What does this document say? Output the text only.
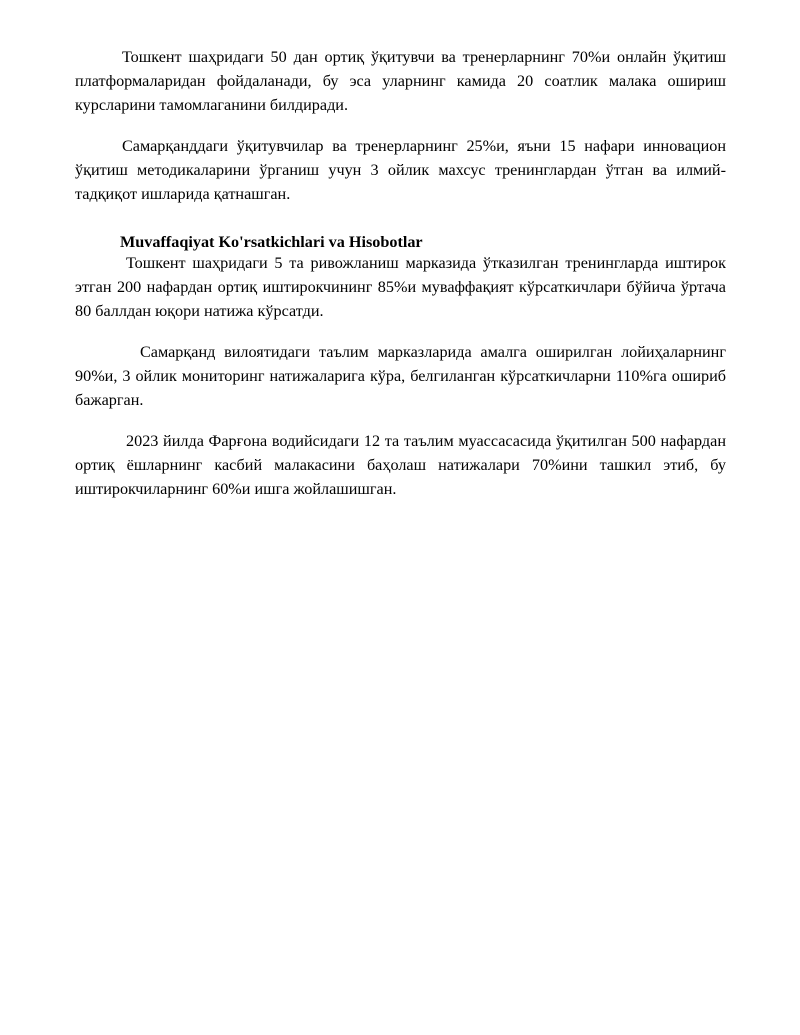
Тошкент шаҳридаги 50 дан ортиқ ўқитувчи ва тренерларнинг 70%и онлайн ўқитиш платформаларидан фойдаланади, бу эса уларнинг камида 20 соатлик малака ошириш курсларини тамомлаганини билдиради.

Самарқанддаги ўқитувчилар ва тренерларнинг 25%и, яъни 15 нафари инновацион ўқитиш методикаларини ўрганиш учун 3 ойлик махсус тренинглардан ўтган ва илмий-тадқиқот ишларида қатнашган.

Muvaffaqiyat Ko'rsatkichlari va Hisobotlar

Тошкент шаҳридаги 5 та ривожланиш марказида ўтказилган тренингларда иштирок этган 200 нафардан ортиқ иштирокчининг 85%и муваффақият кўрсаткичлари бўйича ўртача 80 баллдан юқори натижа кўрсатди.

Самарқанд вилоятидаги таълим марказларида амалга оширилган лойиҳаларнинг 90%и, 3 ойлик мониторинг натижаларига кўра, белгиланган кўрсаткичларни 110%га ошириб бажарган.

2023 йилда Фарғона водийсидаги 12 та таълим муассасасида ўқитилган 500 нафардан ортиқ ёшларнинг касбий малакасини баҳолаш натижалари 70%ини ташкил этиб, бу иштирокчиларнинг 60%и ишга жойлашишган.
